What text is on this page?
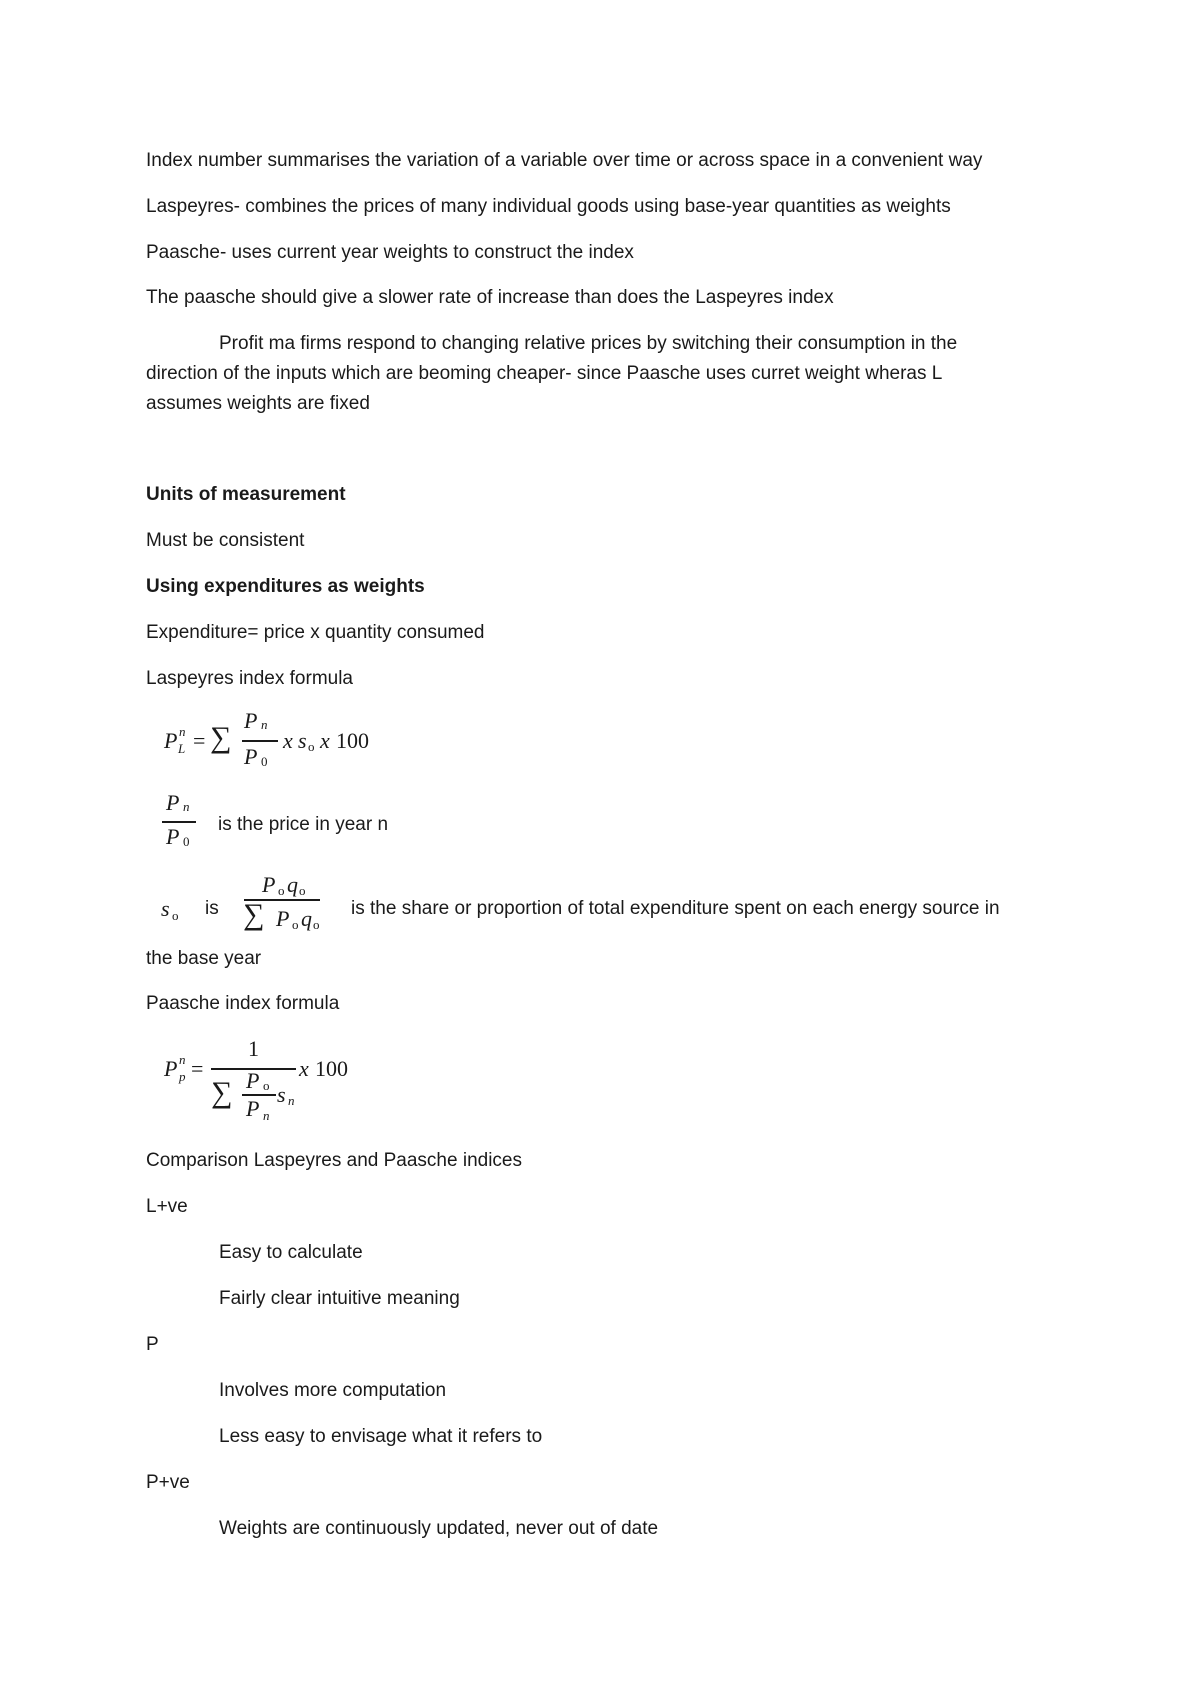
Index number summarises the variation of a variable over time or across space in a convenient way
Laspeyres- combines the prices of many individual goods using base-year quantities as weights
Paasche- uses current year weights to construct the index
The paasche should give a slower rate of increase than does the Laspeyres index
Profit ma firms respond to changing relative prices by switching their consumption in the
direction of the inputs which are beoming cheaper- since Paasche uses curret weight wheras L
assumes weights are fixed
Units of measurement
Must be consistent
Using expenditures as weights
Expenditure= price x quantity consumed
Laspeyres index formula
P n
L = ∑
P n
P 0
x s o x 100
P n
P 0
is the price in year n
s o is
P o q o
∑ P o q o
is the share or proportion of total expenditure spent on each energy source in
the base year
Paasche index formula
P n
p =
1
∑ P o
P n
s n
x 100
Comparison Laspeyres and Paasche indices
L+ve
Easy to calculate
Fairly clear intuitive meaning
P
Involves more computation
Less easy to envisage what it refers to
P+ve
Weights are continuously updated, never out of date
